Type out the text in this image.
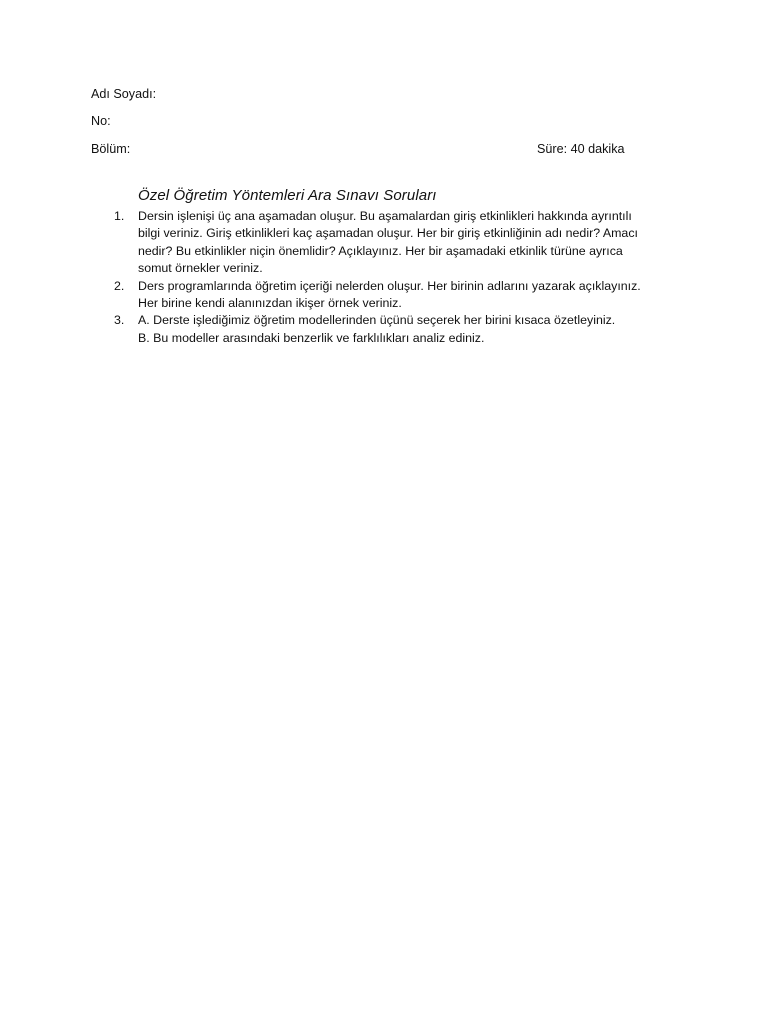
Adı Soyadı:
No:
Bölüm:	Süre: 40 dakika
Özel Öğretim Yöntemleri Ara Sınavı Soruları
1.	Dersin işlenişi üç ana aşamadan oluşur. Bu aşamalardan giriş etkinlikleri hakkında ayrıntılı
bilgi veriniz. Giriş etkinlikleri kaç aşamadan oluşur. Her bir giriş etkinliğinin adı nedir? Amacı
nedir? Bu etkinlikler niçin önemlidir? Açıklayınız. Her bir aşamadaki etkinlik türüne ayrıca
somut örnekler veriniz.
2.	Ders programlarında öğretim içeriği nelerden oluşur. Her birinin adlarını yazarak açıklayınız.
Her birine kendi alanınızdan ikişer örnek veriniz.
3.	A. Derste işlediğimiz öğretim modellerinden üçünü seçerek her birini kısaca özetleyiniz.
B. Bu modeller arasındaki benzerlik ve farklılıkları analiz ediniz.
